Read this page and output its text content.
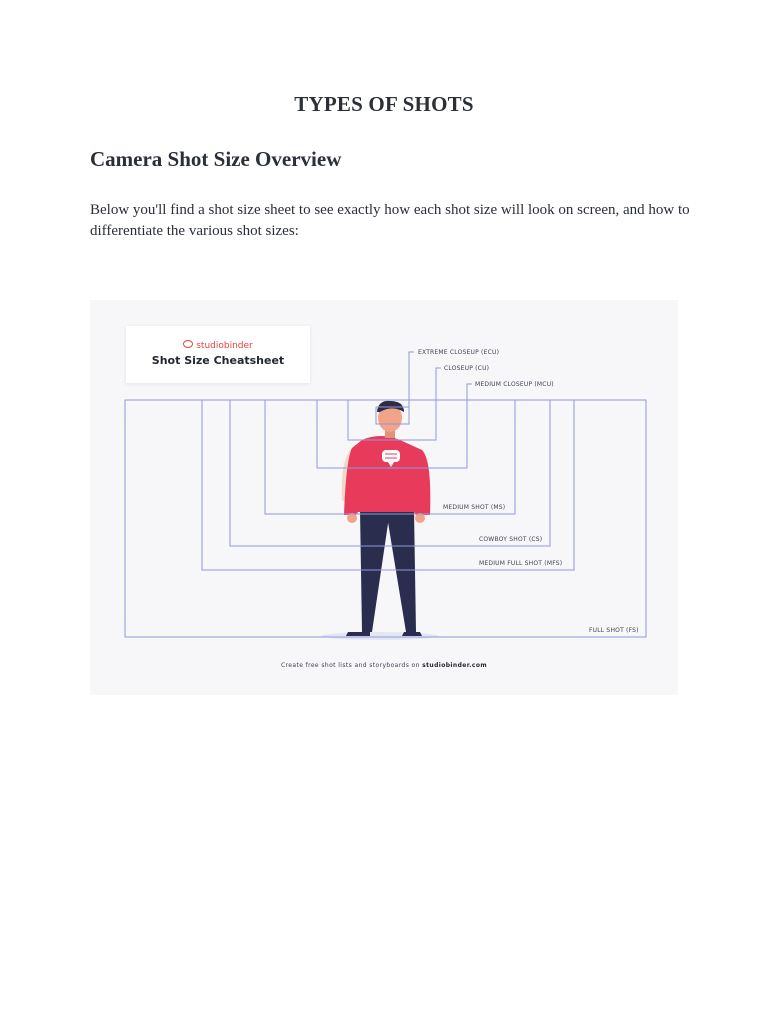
TYPES OF SHOTS
Camera Shot Size Overview

Below you'll find a shot size sheet to see exactly how each shot size will look on screen, and how to differentiate the various shot sizes:

studiobinder
Shot Size Cheatsheet
EXTREME CLOSEUP (ECU)
CLOSEUP (CU)
MEDIUM CLOSEUP (MCU)
MEDIUM SHOT (MS)
COWBOY SHOT (CS)
MEDIUM FULL SHOT (MFS)
FULL SHOT (FS)
Create free shot lists and storyboards on studiobinder.com
